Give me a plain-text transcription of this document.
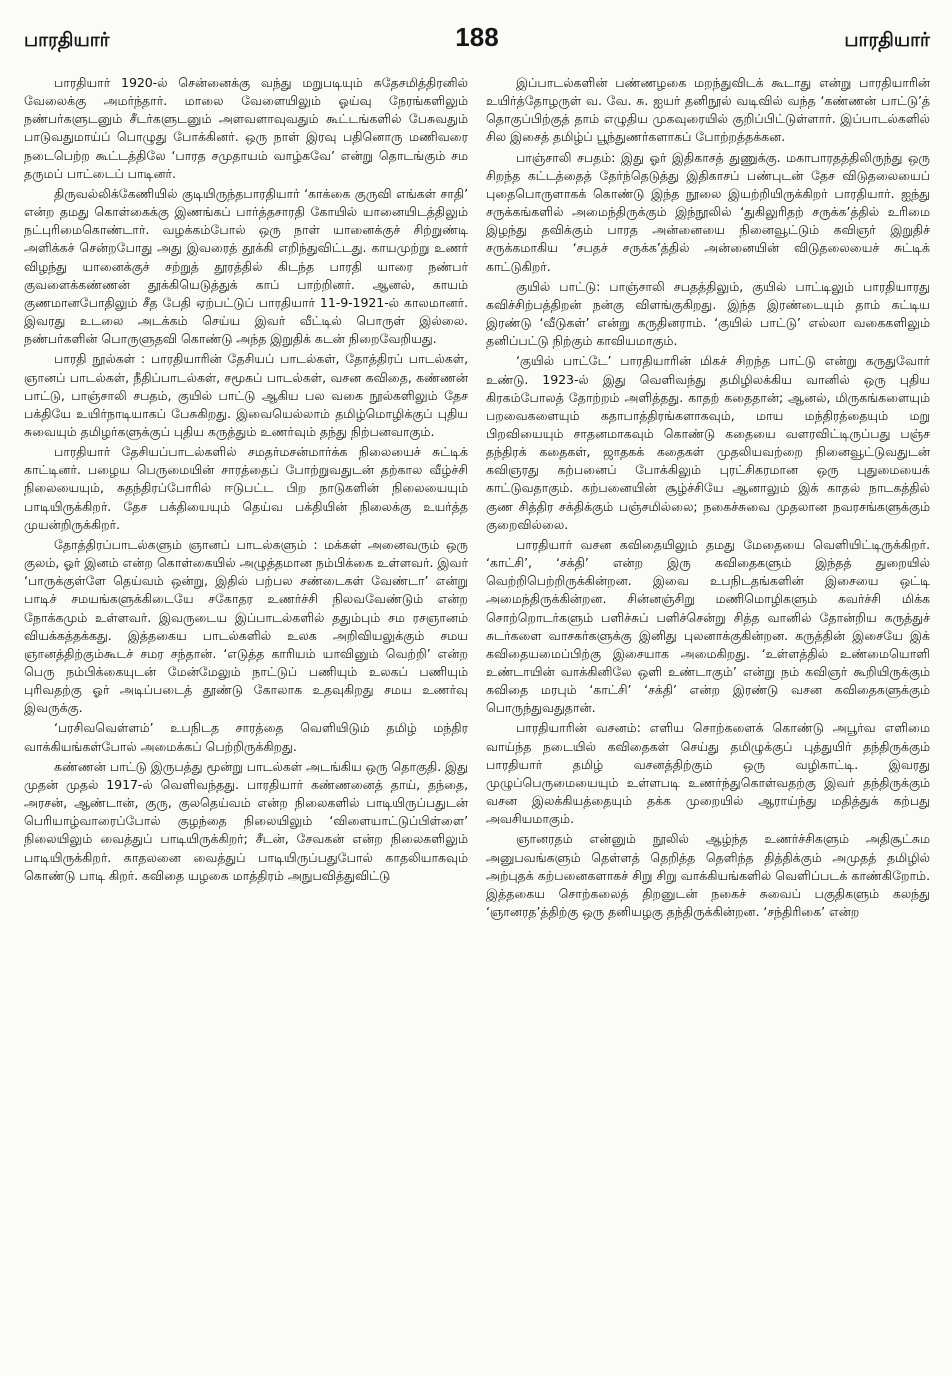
பாரதியார்	188	பாரதியார்

பாரதியார் 1920-ல் சென்னைக்கு வந்து மறுபடியும் சுதேசமித்திரனில் வேலைக்கு அமர்ந்தார். மாலை வேளையிலும் ஓய்வு நேரங்களிலும் நண்பர்களுடனும் சீடர்களுடனும் அளவளாவுவதும் கூட்டங்களில் பேசுவதும் பாடுவதுமாய்ப் பொழுது போக்கினர். ஒரு நாள் இரவு பதினொரு மணிவரை நடைபெற்ற கூட்டத்திலே ‘பாரத சமுதாயம் வாழ்கவே’ என்று தொடங்கும் சம தருமப் பாட்டைப் பாடினர்.

திருவல்லிக்கேணியில் குடியிருந்தபாரதியார் ‘காக்கை குருவி எங்கள் சாதி’ என்ற தமது கொள்கைக்கு இணங்கப் பார்த்தசாரதி கோயில் யானையிடத்திலும் நட்புரிமைகொண்டார். வழக்கம்போல் ஒரு நாள் யானைக்குச் சிற்றுண்டி அளிக்கச் சென்றபோது அது இவரைத் தூக்கி எறிந்துவிட்டது. காயமுற்று உணர் விழந்து யானைக்குச் சற்றுத் தூரத்தில் கிடந்த பாரதி யாரை நண்பர் குவளைக்கண்ணன் தூக்கியெடுத்துக் காப் பாற்றினர். ஆனல், காயம் குணமானபோதிலும் சீத பேதி ஏற்பட்டுப் பாரதியார் 11-9-1921-ல் காலமானர். இவரது உடலை அடக்கம் செய்ய இவர் வீட்டில் பொருள் இல்லை. நண்பர்களின் பொருளுதவி கொண்டு அந்த இறுதிக் கடன் நிறைவேறியது.

பாரதி நூல்கள் : பாரதியாரின் தேசியப் பாடல்கள், தோத்திரப் பாடல்கள், ஞானப் பாடல்கள், நீதிப்பாடல்கள், சமூகப் பாடல்கள், வசன கவிதை, கண்ணன் பாட்டு, பாஞ்சாலி சபதம், குயில் பாட்டு ஆகிய பல வகை நூல்களிலும் தேச பக்தியே உயிர்நாடியாகப் பேசுகிறது. இவையெல்லாம் தமிழ்மொழிக்குப் புதிய சுவையும் தமிழர்களுக்குப் புதிய கருத்தும் உணர்வும் தந்து நிற்பனவாகும்.

பாரதியார் தேசியப்பாடல்களில் சமதர்மசன்மார்க்க நிலையைச் சுட்டிக் காட்டினர். பழைய பெருமையின் சாரத்தைப் போற்றுவதுடன் தற்கால வீழ்ச்சி நிலையையும், சுதந்திரப்போரில் ஈடுபட்ட பிற நாடுகளின் நிலையையும் பாடியிருக்கிறர். தேச பக்தியையும் தெய்வ பக்தியின் நிலைக்கு உயர்த்த முயன்றிருக்கிறர்.

தோத்திரப்பாடல்களும் ஞானப் பாடல்களும் : மக்கள் அனைவரும் ஒரு குலம், ஓர் இனம் என்ற கொள்கையில் அழுத்தமான நம்பிக்கை உள்ளவர். இவர் ‘பாருக்குள்ளே தெய்வம் ஒன்று, இதில் பற்பல சண்டைகள் வேண்டா’ என்று பாடிச் சமயங்களுக்கிடையே சகோதர உணர்ச்சி நிலவவேண்டும் என்ற நோக்கமும் உள்ளவர். இவருடைய இப்பாடல்களில் ததும்பும் சம ரசஞானம் வியக்கத்தக்கது. இத்தகைய பாடல்களில் உலக அறிவியலுக்கும் சமய ஞானத்திற்கும்கூடச் சமர சந்தான். ‘எடுத்த காரியம் யாவினும் வெற்றி’ என்ற பெரு நம்பிக்கையுடன் மேன்மேலும் நாட்டுப் பணியும் உலகப் பணியும் புரிவதற்கு ஓர் அடிப்படைத் தூண்டு கோலாக உதவுகிறது சமய உணர்வு இவருக்கு.

‘பரசிவவெள்ளம்’ உபநிடத சாரத்தை வெளியிடும் தமிழ் மந்திர வாக்கியங்கள்போல் அமைக்கப் பெற்றிருக்கிறது.

கண்ணன் பாட்டு இருபத்து மூன்று பாடல்கள் அடங்கிய ஒரு தொகுதி. இது முதன் முதல் 1917-ல் வெளிவந்தது. பாரதியார் கண்ணனைத் தாய், தந்தை, அரசன், ஆண்டான், குரு, குலதெய்வம் என்ற நிலைகளில் பாடியிருப்பதுடன் பெரியாழ்வாரைப்போல் குழந்தை நிலையிலும் ‘விளையாட்டுப்பிள்ளை’ நிலையிலும் வைத்துப் பாடியிருக்கிறர்; சீடன், சேவகன் என்ற நிலைகளிலும் பாடியிருக்கிறர். காதலனை வைத்துப் பாடியிருப்பதுபோல் காதலியாகவும் கொண்டு பாடி கிறர். கவிதை யழகை மாத்திரம் அநுபவித்துவிட்டு

இப்பாடல்களின் பண்ணழகை மறந்துவிடக் கூடாது என்று பாரதியாரின் உயிர்த்தோழருள் வ. வே. சு. ஐயர் தனிநூல் வடிவில் வந்த ‘கண்ணன் பாட்டு’த் தொகுப்பிற்குத் தாம் எழுதிய முகவுரையில் குறிப்பிட்டுள்ளார். இப்பாடல்களில் சில இசைத் தமிழ்ப் பூந்துணர்களாகப் போற்றத்தக்கன.

பாஞ்சாலி சபதம்: இது ஓர் இதிகாசத் துணுக்கு. மகாபாரதத்திலிருந்து ஒரு சிறந்த கட்டத்தைத் தேர்ந்தெடுத்து இதிகாசப் பண்புடன் தேச விடுதலையைப் புதைபொருளாகக் கொண்டு இந்த நூலை இயற்றியிருக்கிறர் பாரதியார். ஐந்து சருக்கங்களில் அமைந்திருக்கும் இந்நூலில் ‘துகிலுரிதற் சருக்க’த்தில் உரிமை இழந்து தவிக்கும் பாரத அன்னையை நினைவூட்டும் கவிஞர் இறுதிச் சருக்கமாகிய ‘சபதச் சருக்க’த்தில் அன்னையின் விடுதலையைச் சுட்டிக் காட்டுகிறர்.

குயில் பாட்டு: பாஞ்சாலி சபதத்திலும், குயில் பாட்டிலும் பாரதியாரது கவிச்சிற்பத்திறன் நன்கு விளங்குகிறது. இந்த இரண்டையும் தாம் கட்டிய இரண்டு ‘வீடுகள்’ என்று கருதினராம். ‘குயில் பாட்டு’ எல்லா வகைகளிலும் தனிப்பட்டு நிற்கும் காவியமாகும்.

‘குயில் பாட்டே’ பாரதியாரின் மிகச் சிறந்த பாட்டு என்று கருதுவோர் உண்டு. 1923-ல் இது வெளிவந்து தமிழிலக்கிய வானில் ஒரு புதிய கிரகம்போலத் தோற்றம் அளித்தது. காதற் கதைதான்; ஆனல், மிருகங்களையும் பறவைகளையும் கதாபாத்திரங்களாகவும், மாய மந்திரத்தையும் மறு பிறவியையும் சாதனமாகவும் கொண்டு கதையை வளரவிட்டிருப்பது பஞ்ச தந்திரக் கதைகள், ஜாதகக் கதைகள் முதலியவற்றை நினைவூட்டுவதுடன் கவிஞரது கற்பனைப் போக்கிலும் புரட்சிகரமான ஒரு புதுமையைக் காட்டுவதாகும். கற்பனையின் சூழ்ச்சியே ஆனாலும் இக் காதல் நாடகத்தில் குண சித்திர சக்திக்கும் பஞ்சமில்லை; நகைச்சுவை முதலான நவரசங்களுக்கும் குறைவில்லை.

பாரதியார் வசன கவிதையிலும் தமது மேதையை வெளியிட்டிருக்கிறர். ‘காட்சி’, ‘சக்தி’ என்ற இரு கவிதைகளும் இந்தத் துறையில் வெற்றிபெற்றிருக்கின்றன. இவை உபநிடதங்களின் இசையை ஒட்டி அமைந்திருக்கின்றன. சின்னஞ்சிறு மணிமொழிகளும் கவர்ச்சி மிக்க சொற்றொடர்களும் பளிச்சுப் பளிச்சென்று சித்த வானில் தோன்றிய கருத்துச் சுடர்களை வாசகர்களுக்கு இனிது புலனாக்குகின்றன. கருத்தின் இசையே இக் கவிதையமைப்பிற்கு இசையாக அமைகிறது. ‘உள்ளத்தில் உண்மையொளி உண்டாயின் வாக்கினிலே ஒளி உண்டாகும்’ என்று நம் கவிஞர் கூறியிருக்கும் கவிதை மரபும் ‘காட்சி’ ‘சக்தி’ என்ற இரண்டு வசன கவிதைகளுக்கும் பொருந்துவதுதான்.

பாரதியாரின் வசனம்: எளிய சொற்களைக் கொண்டு அபூர்வ எளிமை வாய்ந்த நடையில் கவிதைகள் செய்து தமிழுக்குப் புத்துயிர் தந்திருக்கும் பாரதியார் தமிழ் வசனத்திற்கும் ஒரு வழிகாட்டி. இவரது முழுப்பெருமையையும் உள்ளபடி உணர்ந்துகொள்வதற்கு இவர் தந்திருக்கும் வசன இலக்கியத்தையும் தக்க முறையில் ஆராய்ந்து மதித்துக் கற்பது அவசியமாகும்.

ஞானரதம் என்னும் நூலில் ஆழ்ந்த உணர்ச்சிகளும் அதிசூட்சும அனுபவங்களும் தெள்ளத் தெறித்த தெளிந்த தித்திக்கும் அமுதத் தமிழில் அற்புதக் கற்பனைகளாகச் சிறு சிறு வாக்கியங்களில் வெளிப்படக் காண்கிறோம். இத்தகைய சொற்கலைத் திறனுடன் நகைச் சுவைப் பகுதிகளும் கலந்து ‘ஞானரத’த்திற்கு ஒரு தனியழகு தந்திருக்கின்றன. ‘சந்திரிகை’ என்ற
